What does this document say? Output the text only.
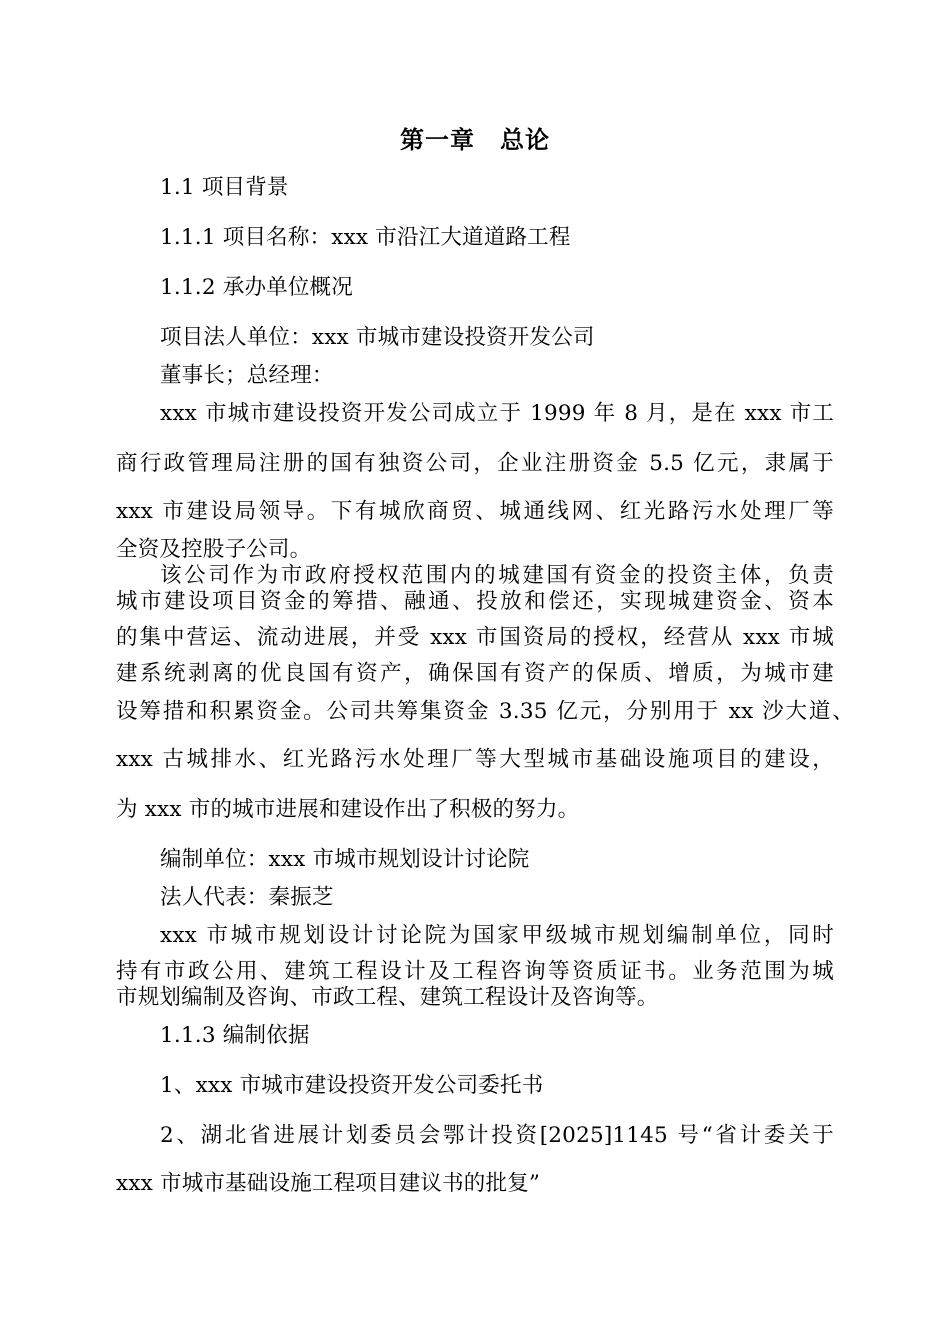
第一章　总论
1.1 项目背景
1.1.1 项目名称：xxx 市沿江大道道路工程
1.1.2 承办单位概况
项目法人单位：xxx 市城市建设投资开发公司
董事长；总经理：
xxx 市城市建设投资开发公司成立于 1999 年 8 月，是在 xxx 市工
商行政管理局注册的国有独资公司，企业注册资金 5.5 亿元，隶属于
xxx 市建设局领导。下有城欣商贸、城通线网、红光路污水处理厂等
全资及控股子公司。
该公司作为市政府授权范围内的城建国有资金的投资主体，负责
城市建设项目资金的筹措、融通、投放和偿还，实现城建资金、资本
的集中营运、流动进展，并受 xxx 市国资局的授权，经营从 xxx 市城
建系统剥离的优良国有资产，确保国有资产的保质、增质，为城市建
设筹措和积累资金。公司共筹集资金 3.35 亿元，分别用于 xx 沙大道、
xxx 古城排水、红光路污水处理厂等大型城市基础设施项目的建设，
为 xxx 市的城市进展和建设作出了积极的努力。
编制单位：xxx 市城市规划设计讨论院
法人代表：秦振芝
xxx 市城市规划设计讨论院为国家甲级城市规划编制单位，同时
持有市政公用、建筑工程设计及工程咨询等资质证书。业务范围为城
市规划编制及咨询、市政工程、建筑工程设计及咨询等。
1.1.3 编制依据
1、xxx 市城市建设投资开发公司委托书
2、湖北省进展计划委员会鄂计投资[2025]1145 号“省计委关于
xxx 市城市基础设施工程项目建议书的批复”
